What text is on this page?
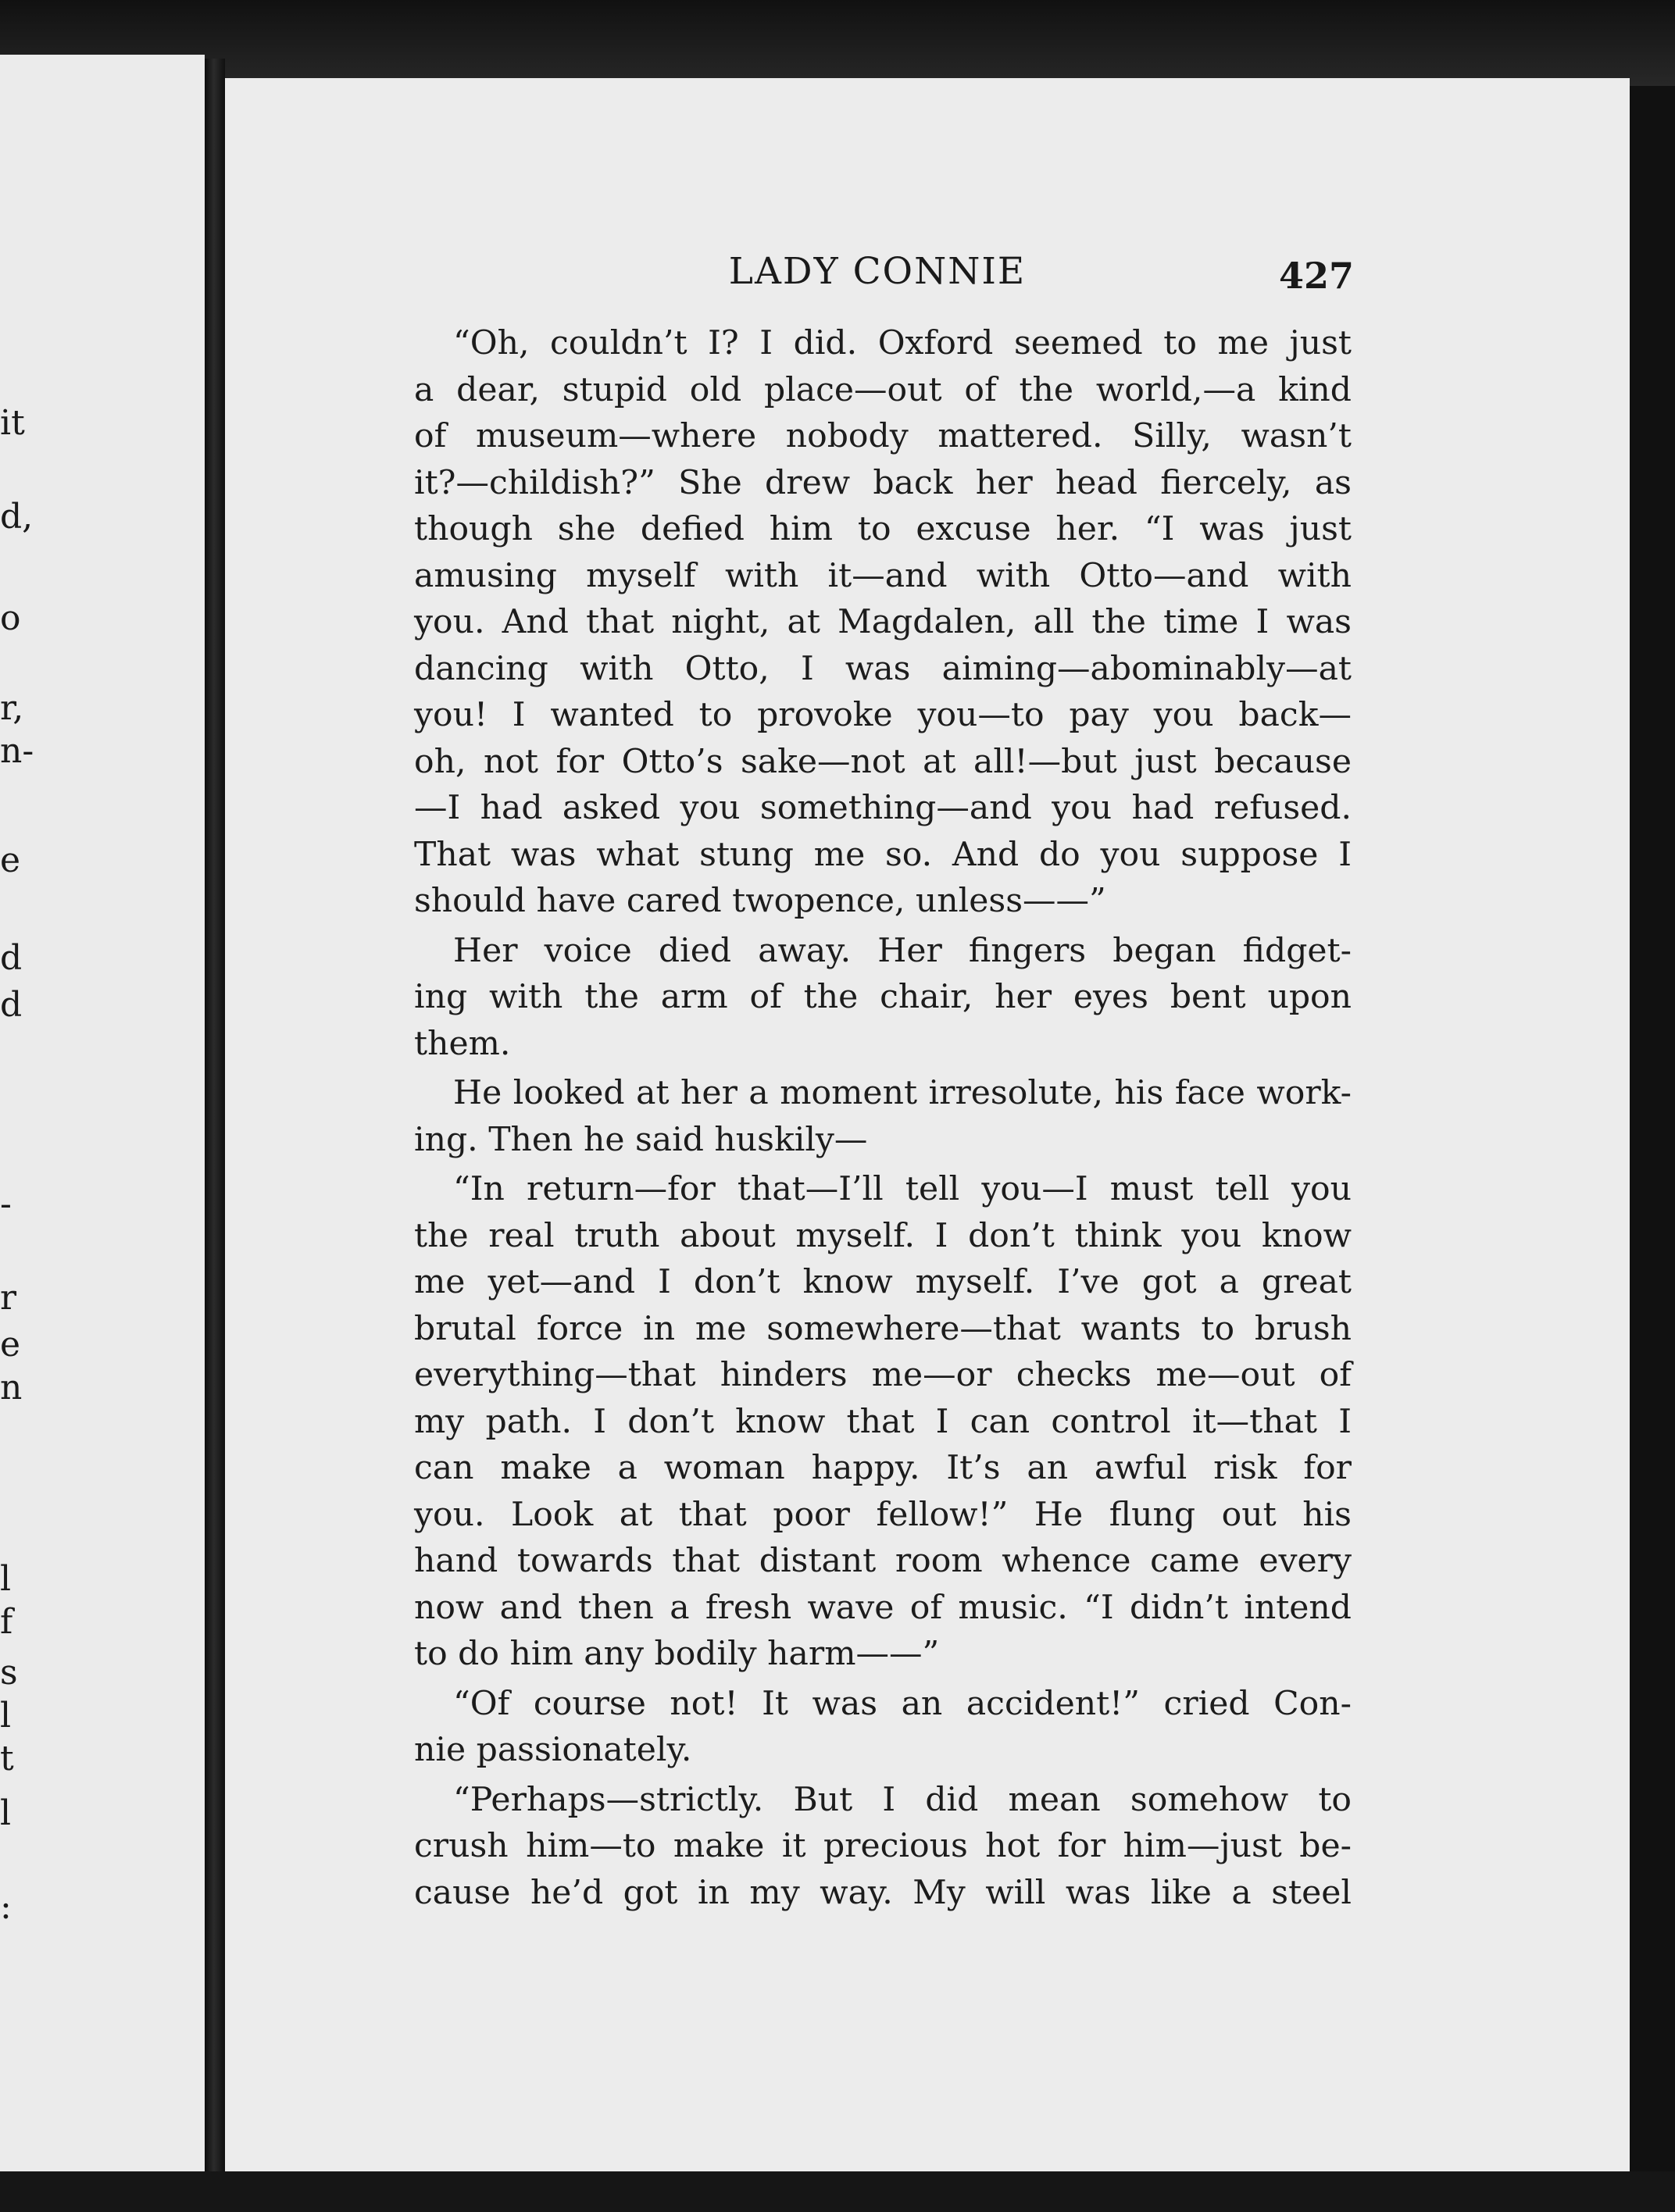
LADY CONNIE	427
“Oh, couldn’t I? I did. Oxford seemed to me just
a dear, stupid old place—out of the world,—a kind
of museum—where nobody mattered. Silly, wasn’t
it?—childish?” She drew back her head fiercely, as
though she defied him to excuse her. “I was just
amusing myself with it—and with Otto—and with
you. And that night, at Magdalen, all the time I was
dancing with Otto, I was aiming—abominably—at
you! I wanted to provoke you—to pay you back—
oh, not for Otto’s sake—not at all!—but just because
—I had asked you something—and you had refused.
That was what stung me so. And do you suppose I
should have cared twopence, unless——”
Her voice died away. Her fingers began fidget-
ing with the arm of the chair, her eyes bent upon
them.
He looked at her a moment irresolute, his face work-
ing. Then he said huskily—
“In return—for that—I’ll tell you—I must tell you
the real truth about myself. I don’t think you know
me yet—and I don’t know myself. I’ve got a great
brutal force in me somewhere—that wants to brush
everything—that hinders me—or checks me—out of
my path. I don’t know that I can control it—that I
can make a woman happy. It’s an awful risk for
you. Look at that poor fellow!” He flung out his
hand towards that distant room whence came every
now and then a fresh wave of music. “I didn’t intend
to do him any bodily harm——”
“Of course not! It was an accident!” cried Con-
nie passionately.
“Perhaps—strictly. But I did mean somehow to
crush him—to make it precious hot for him—just be-
cause he’d got in my way. My will was like a steel
it
d,
o
r,
n-
e
d
d
-
r
e
n
l
f
s
l
t
l
:
